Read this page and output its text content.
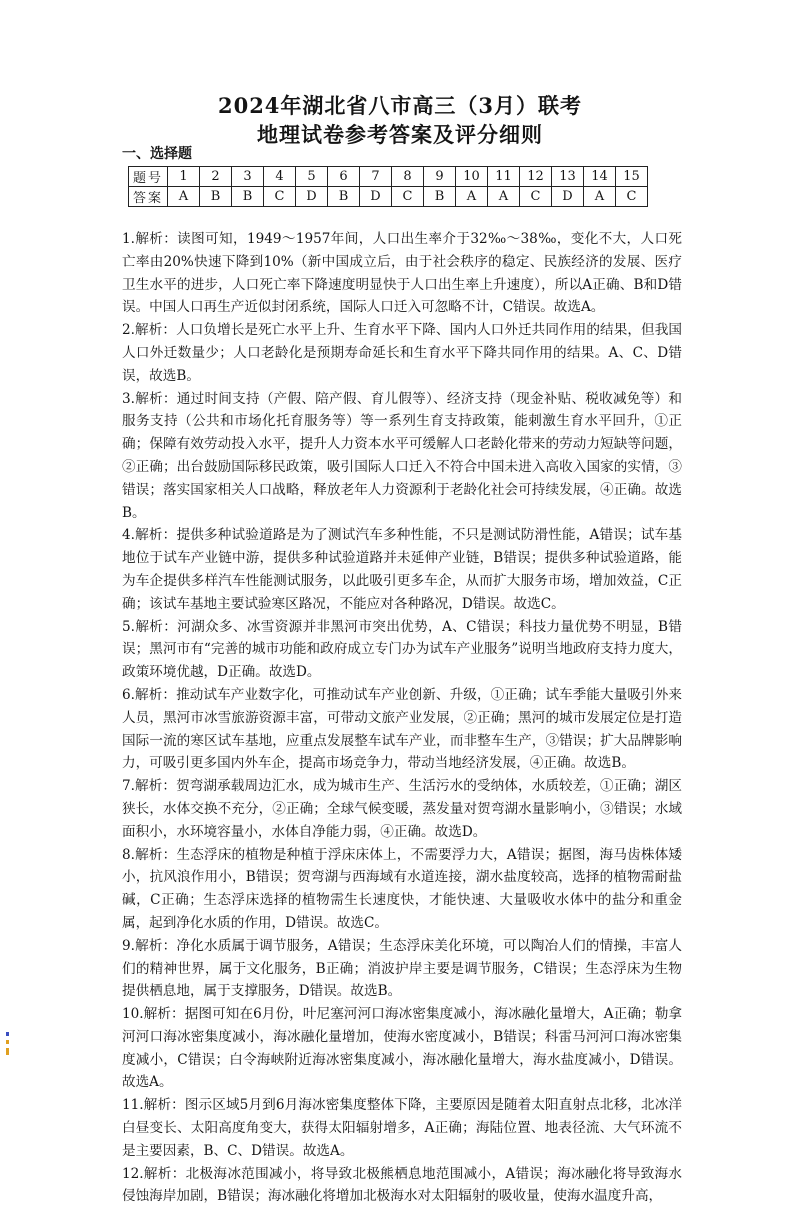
2024年湖北省八市高三（3月）联考
地理试卷参考答案及评分细则
一、选择题
题号	1	2	3	4	5	6	7	8	9	10	11	12	13	14	15
答案	A	B	B	C	D	B	D	C	B	A	A	C	D	A	C

1.解析：读图可知，1949～1957年间，人口出生率介于32‰～38‰，变化不大，人口死亡率由20%快速下降到10%（新中国成立后，由于社会秩序的稳定、民族经济的发展、医疗卫生水平的进步，人口死亡率下降速度明显快于人口出生率上升速度），所以A正确、B和D错误。中国人口再生产近似封闭系统，国际人口迁入可忽略不计，C错误。故选A。

2.解析：人口负增长是死亡水平上升、生育水平下降、国内人口外迁共同作用的结果，但我国人口外迁数量少；人口老龄化是预期寿命延长和生育水平下降共同作用的结果。A、C、D错误，故选B。

3.解析：通过时间支持（产假、陪产假、育儿假等）、经济支持（现金补贴、税收减免等）和服务支持（公共和市场化托育服务等）等一系列生育支持政策，能刺激生育水平回升，①正确；保障有效劳动投入水平，提升人力资本水平可缓解人口老龄化带来的劳动力短缺等问题，②正确；出台鼓励国际移民政策，吸引国际人口迁入不符合中国未进入高收入国家的实情，③错误；落实国家相关人口战略，释放老年人力资源利于老龄化社会可持续发展，④正确。故选B。

4.解析：提供多种试验道路是为了测试汽车多种性能，不只是测试防滑性能，A错误；试车基地位于试车产业链中游，提供多种试验道路并未延伸产业链，B错误；提供多种试验道路，能为车企提供多样汽车性能测试服务，以此吸引更多车企，从而扩大服务市场，增加效益，C正确；该试车基地主要试验寒区路况，不能应对各种路况，D错误。故选C。

5.解析：河湖众多、冰雪资源并非黑河市突出优势，A、C错误；科技力量优势不明显，B错误；黑河市有“完善的城市功能和政府成立专门办为试车产业服务”说明当地政府支持力度大，政策环境优越，D正确。故选D。

6.解析：推动试车产业数字化，可推动试车产业创新、升级，①正确；试车季能大量吸引外来人员，黑河市冰雪旅游资源丰富，可带动文旅产业发展，②正确；黑河的城市发展定位是打造国际一流的寒区试车基地，应重点发展整车试车产业，而非整车生产，③错误；扩大品牌影响力，可吸引更多国内外车企，提高市场竞争力，带动当地经济发展，④正确。故选B。

7.解析：贺弯湖承载周边汇水，成为城市生产、生活污水的受纳体，水质较差，①正确；湖区狭长，水体交换不充分，②正确；全球气候变暖，蒸发量对贺弯湖水量影响小，③错误；水域面积小，水环境容量小，水体自净能力弱，④正确。故选D。

8.解析：生态浮床的植物是种植于浮床床体上，不需要浮力大，A错误；据图，海马齿株体矮小，抗风浪作用小，B错误；贺弯湖与西海域有水道连接，湖水盐度较高，选择的植物需耐盐碱，C正确；生态浮床选择的植物需生长速度快，才能快速、大量吸收水体中的盐分和重金属，起到净化水质的作用，D错误。故选C。

9.解析：净化水质属于调节服务，A错误；生态浮床美化环境，可以陶冶人们的情操，丰富人们的精神世界，属于文化服务，B正确；消波护岸主要是调节服务，C错误；生态浮床为生物提供栖息地，属于支撑服务，D错误。故选B。

10.解析：据图可知在6月份，叶尼塞河河口海冰密集度减小，海冰融化量增大，A正确；勒拿河河口海冰密集度减小，海冰融化量增加，使海水密度减小，B错误；科雷马河河口海冰密集度减小，C错误；白令海峡附近海冰密集度减小，海冰融化量增大，海水盐度减小，D错误。故选A。

11.解析：图示区域5月到6月海冰密集度整体下降，主要原因是随着太阳直射点北移，北冰洋白昼变长、太阳高度角变大，获得太阳辐射增多，A正确；海陆位置、地表径流、大气环流不是主要因素，B、C、D错误。故选A。

12.解析：北极海冰范围减小，将导致北极熊栖息地范围减小，A错误；海冰融化将导致海水侵蚀海岸加剧，B错误；海冰融化将增加北极海水对太阳辐射的吸收量，使海水温度升高，
